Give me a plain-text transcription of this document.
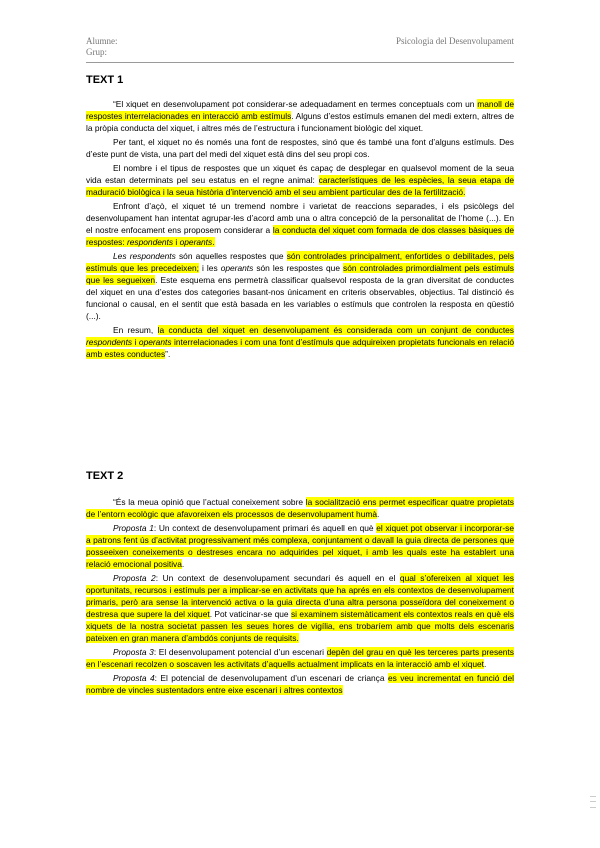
Alumne:
Grup:
Psicologia del Desenvolupament

TEXT 1

“El xiquet en desenvolupament pot considerar-se adequadament en termes conceptuals com un manoll de respostes interrelacionades en interacció amb estímuls. Alguns d’estos estímuls emanen del medi extern, altres de la pròpia conducta del xiquet, i altres més de l’estructura i funcionament biològic del xiquet.

Per tant, el xiquet no és només una font de respostes, sinó que és també una font d’alguns estímuls. Des d’este punt de vista, una part del medi del xiquet està dins del seu propi cos.

El nombre i el tipus de respostes que un xiquet és capaç de desplegar en qualsevol moment de la seua vida estan determinats pel seu estatus en el regne animal: característiques de les espècies, la seua etapa de maduració biològica i la seua història d’intervenció amb el seu ambient particular des de la fertilització.

Enfront d’açò, el xiquet té un tremend nombre i varietat de reaccions separades, i els psicòlegs del desenvolupament han intentat agrupar-les d’acord amb una o altra concepció de la personalitat de l’home (...). En el nostre enfocament ens proposem considerar a la conducta del xiquet com formada de dos classes bàsiques de respostes: respondents i operants.

Les respondents són aquelles respostes que són controlades principalment, enfortides o debilitades, pels estímuls que les precedeixen; i les operants són les respostes que són controlades primordialment pels estímuls que les segueixen. Este esquema ens permetrà classificar qualsevol resposta de la gran diversitat de conductes del xiquet en una d’estes dos categories basant-nos únicament en criteris observables, objectius. Tal distinció és funcional o causal, en el sentit que està basada en les variables o estímuls que controlen la resposta en qüestió (...).

En resum, la conducta del xiquet en desenvolupament és considerada com un conjunt de conductes respondents i operants interrelacionades i com una font d’estímuls que adquireixen propietats funcionals en relació amb estes conductes”.

TEXT 2

“És la meua opinió que l’actual coneixement sobre la socialització ens permet especificar quatre propietats de l’entorn ecològic que afavoreixen els processos de desenvolupament humà.

Proposta 1: Un context de desenvolupament primari és aquell en què el xiquet pot observar i incorporar-se a patrons fent ús d’activitat progressivament més complexa, conjuntament o davall la guia directa de persones que posseeixen coneixements o destreses encara no adquirides pel xiquet, i amb les quals este ha establert una relació emocional positiva.

Proposta 2: Un context de desenvolupament secundari és aquell en el qual s’ofereixen al xiquet les oportunitats, recursos i estímuls per a implicar-se en activitats que ha aprés en els contextos de desenvolupament primaris, però ara sense la intervenció activa o la guia directa d’una altra persona posseïdora del coneixement o destresa que supere la del xiquet. Pot vaticinar-se que si examinem sistemàticament els contextos reals en què els xiquets de la nostra societat passen les seues hores de vigília, ens trobaríem amb que molts dels escenaris pateixen en gran manera d’ambdós conjunts de requisits.

Proposta 3: El desenvolupament potencial d’un escenari depèn del grau en què les terceres parts presents en l’escenari recolzen o soscaven les activitats d’aquells actualment implicats en la interacció amb el xiquet.

Proposta 4: El potencial de desenvolupament d’un escenari de criança es veu incrementat en funció del nombre de vincles sustentadors entre eixe escenari i altres contextos
